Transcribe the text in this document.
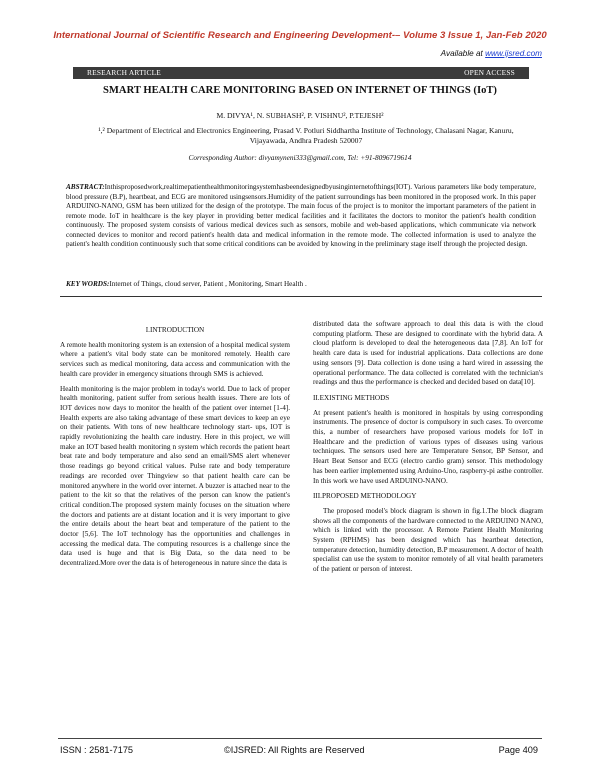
International Journal of Scientific Research and Engineering Development-– Volume 3 Issue 1, Jan-Feb 2020
Available at www.ijsred.com
RESEARCH ARTICLE	OPEN ACCESS
SMART HEALTH CARE MONITORING BASED ON INTERNET OF THINGS (IoT)
M. DIVYA¹, N. SUBHASH², P. VISHNU², P.TEJESH²
¹,² Department of Electrical and Electronics Engineering, Prasad V. Potluri Siddhartha Institute of Technology, Chalasani Nagar, Kanuru, Vijayawada, Andhra Pradesh 520007
Corresponding Author: divyamyneni333@gmail.com, Tel: +91-8096719614
ABSTRACT:Inthisproposedwork,realtimepatienthealthmonitoringsystemhasbeendesignedbyusinginternetofthings(IOT). Various parameters like body temperature, blood pressure (B.P), heartbeat, and ECG are monitored usingsensors.Humidity of the patient surroundings has been monitored in the proposed work. In this paper ARDUINO-NANO, GSM has been utilized for the design of the prototype. The main focus of the project is to monitor the important parameters of the patient in remote mode. IoT in healthcare is the key player in providing better medical facilities and it facilitates the doctors to monitor the patient's health condition continuously. The proposed system consists of various medical devices such as sensors, mobile and web-based applications, which communicate via network connected devices to monitor and record patient's health data and medical information in the remote mode. The collected information is used to analyze the patient's health condition continuously such that some critical conditions can be avoided by knowing in the preliminary stage itself through the projected design.
KEY WORDS:Internet of Things, cloud server, Patient , Monitoring, Smart Health .
I.INTRODUCTION

A remote health monitoring system is an extension of a hospital medical system where a patient's vital body state can be monitored remotely. Health care services such as medical monitoring, data access and communication with the health care provider in emergency situations through SMS is achieved.

Health monitoring is the major problem in today's world. Due to lack of proper health monitoring, patient suffer from serious health issues. There are lots of IOT devices now days to monitor the health of the patient over internet [1-4]. Health experts are also taking advantage of these smart devices to keep an eye on their patients. With tons of new healthcare technology start- ups, IOT is rapidly revolutionizing the health care industry. Here in this project, we will make an IOT based health monitoring n system which records the patient heart beat rate and body temperature and also send an email/SMS alert whenever those readings go beyond critical values. Pulse rate and body temperature readings are recorded over Thingview so that patient health care can be monitored anywhere in the world over internet. A buzzer is attached near to the patient to the kit so that the relatives of the person can know the patient's critical condition.The proposed system mainly focuses on the situation where the doctors and patients are at distant location and it is very important to give the entire details about the heart beat and temperature of the patient to the doctor [5,6]. The IoT technology has the opportunities and challenges in accessing the medical data. The computing resources is a challenge since the data used is huge and that is Big Data, so the data need to be decentralized.More over the data is of heterogeneous in nature since the data is

distributed data the software approach to deal this data is with the cloud computing platform. These are designed to coordinate with the hybrid data. A cloud platform is developed to deal the heterogeneous data [7,8]. An IoT for health care data is used for industrial applications. Data collections are done using sensors [9]. Data collection is done using a hard wired in assessing the operational performance. The data collected is correlated with the technician's readings and thus the performance is checked and decided based on data[10].

II.EXISTING METHODS

At present patient's health is monitored in hospitals by using corresponding instruments. The presence of doctor is compulsory in such cases. To overcome this, a number of researchers have proposed various models for IoT in Healthcare and the prediction of various types of diseases using various techniques. The sensors used here are Temperature Sensor, BP Sensor, and Heart Beat Sensor and ECG (electro cardio gram) sensor. This methodology has been earlier implemented using Arduino-Uno, raspberry-pi asthe controller. In this work we have used ARDUINO-NANO.

III.PROPOSED METHODOLOGY

The proposed model's block diagram is shown in fig.1.The block diagram shows all the components of the hardware connected to the ARDUINO NANO, which is linked with the processor. A Remote Patient Health Monitoring System (RPHMS) has been designed which has heartbeat detection, temperature detection, humidity detection, B.P measurement. A doctor of health specialist can use the system to monitor remotely of all vital health parameters of the patient or person of interest.

ISSN : 2581-7175	©IJSRED: All Rights are Reserved	Page 409
